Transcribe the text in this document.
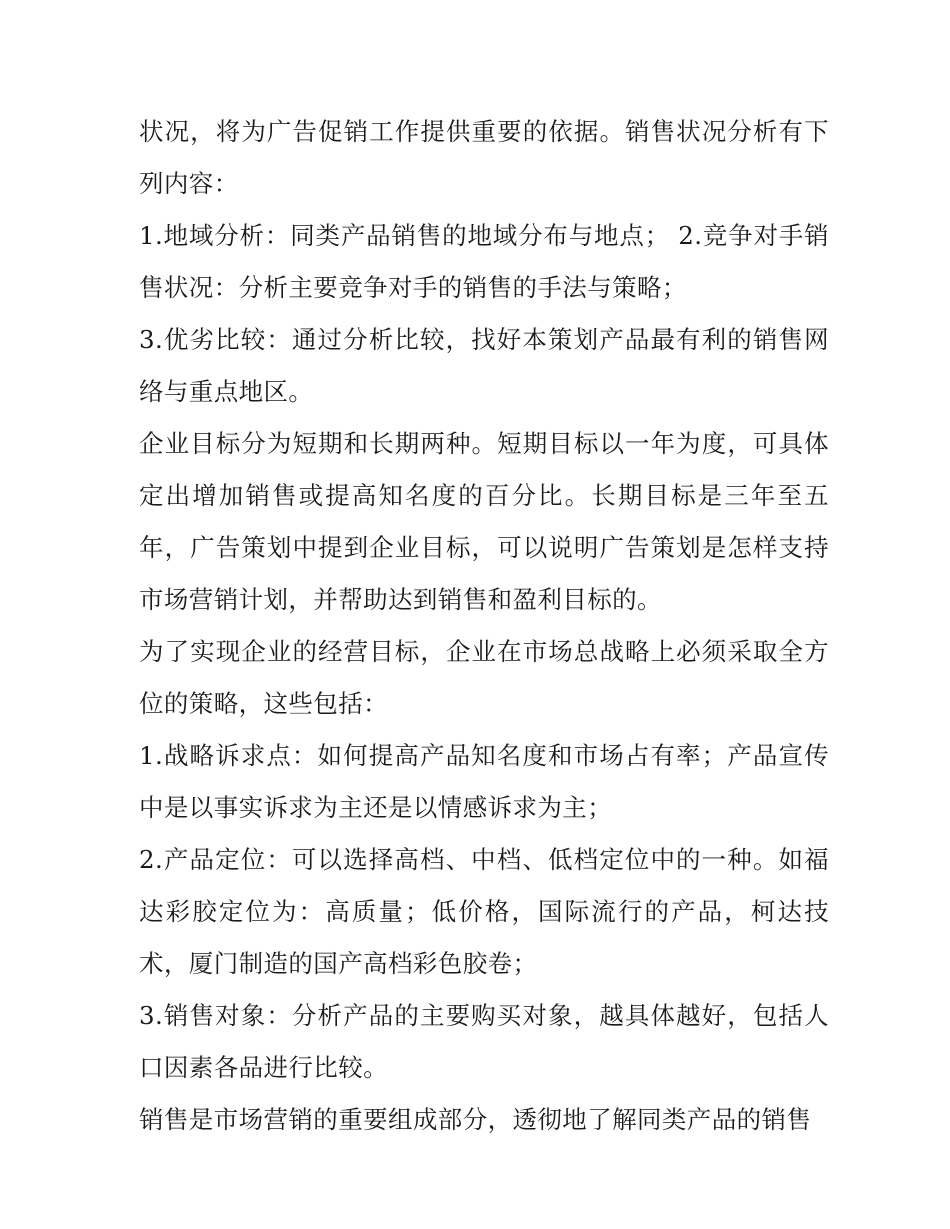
状况，将为广告促销工作提供重要的依据。销售状况分析有下列内容：

1.地域分析：同类产品销售的地域分布与地点； 2.竞争对手销售状况：分析主要竞争对手的销售的手法与策略；

3.优劣比较：通过分析比较，找好本策划产品最有利的销售网络与重点地区。

企业目标分为短期和长期两种。短期目标以一年为度，可具体定出增加销售或提高知名度的百分比。长期目标是三年至五年，广告策划中提到企业目标，可以说明广告策划是怎样支持市场营销计划，并帮助达到销售和盈利目标的。

为了实现企业的经营目标，企业在市场总战略上必须采取全方位的策略，这些包括：

1.战略诉求点：如何提高产品知名度和市场占有率；产品宣传中是以事实诉求为主还是以情感诉求为主；

2.产品定位：可以选择高档、中档、低档定位中的一种。如福达彩胶定位为：高质量；低价格，国际流行的产品，柯达技术，厦门制造的国产高档彩色胶卷；

3.销售对象：分析产品的主要购买对象，越具体越好，包括人口因素各品进行比较。

销售是市场营销的重要组成部分，透彻地了解同类产品的销售
